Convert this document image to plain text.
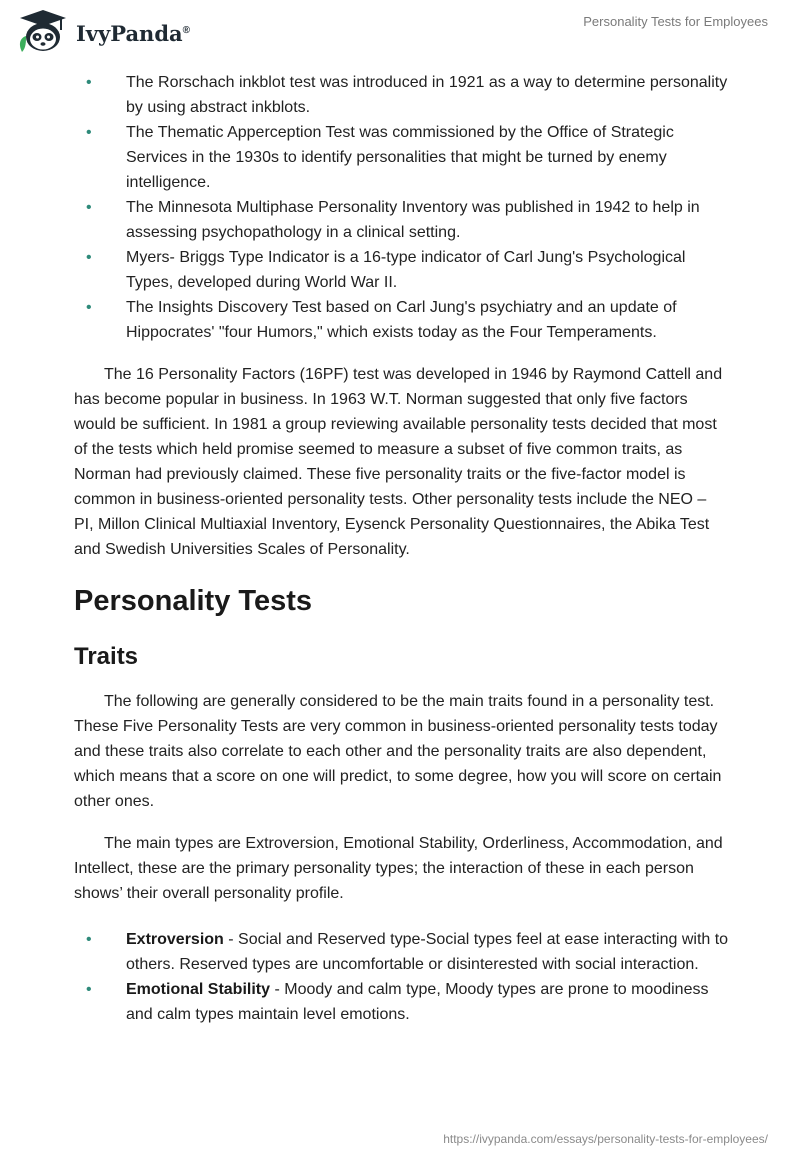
IvyPanda®
Personality Tests for Employees
• The Rorschach inkblot test was introduced in 1921 as a way to determine personality by using abstract inkblots.
• The Thematic Apperception Test was commissioned by the Office of Strategic Services in the 1930s to identify personalities that might be turned by enemy intelligence.
• The Minnesota Multiphase Personality Inventory was published in 1942 to help in assessing psychopathology in a clinical setting.
• Myers- Briggs Type Indicator is a 16-type indicator of Carl Jung's Psychological Types, developed during World War II.
• The Insights Discovery Test based on Carl Jung's psychiatry and an update of Hippocrates' "four Humors," which exists today as the Four Temperaments.

The 16 Personality Factors (16PF) test was developed in 1946 by Raymond Cattell and has become popular in business. In 1963 W.T. Norman suggested that only five factors would be sufficient. In 1981 a group reviewing available personality tests decided that most of the tests which held promise seemed to measure a subset of five common traits, as Norman had previously claimed. These five personality traits or the five-factor model is common in business-oriented personality tests. Other personality tests include the NEO – PI, Millon Clinical Multiaxial Inventory, Eysenck Personality Questionnaires, the Abika Test and Swedish Universities Scales of Personality.

Personality Tests
Traits

The following are generally considered to be the main traits found in a personality test. These Five Personality Tests are very common in business-oriented personality tests today and these traits also correlate to each other and the personality traits are also dependent, which means that a score on one will predict, to some degree, how you will score on certain other ones.

The main types are Extroversion, Emotional Stability, Orderliness, Accommodation, and Intellect, these are the primary personality types; the interaction of these in each person shows’ their overall personality profile.

• Extroversion - Social and Reserved type-Social types feel at ease interacting with to others. Reserved types are uncomfortable or disinterested with social interaction.
• Emotional Stability - Moody and calm type, Moody types are prone to moodiness and calm types maintain level emotions.
https://ivypanda.com/essays/personality-tests-for-employees/
